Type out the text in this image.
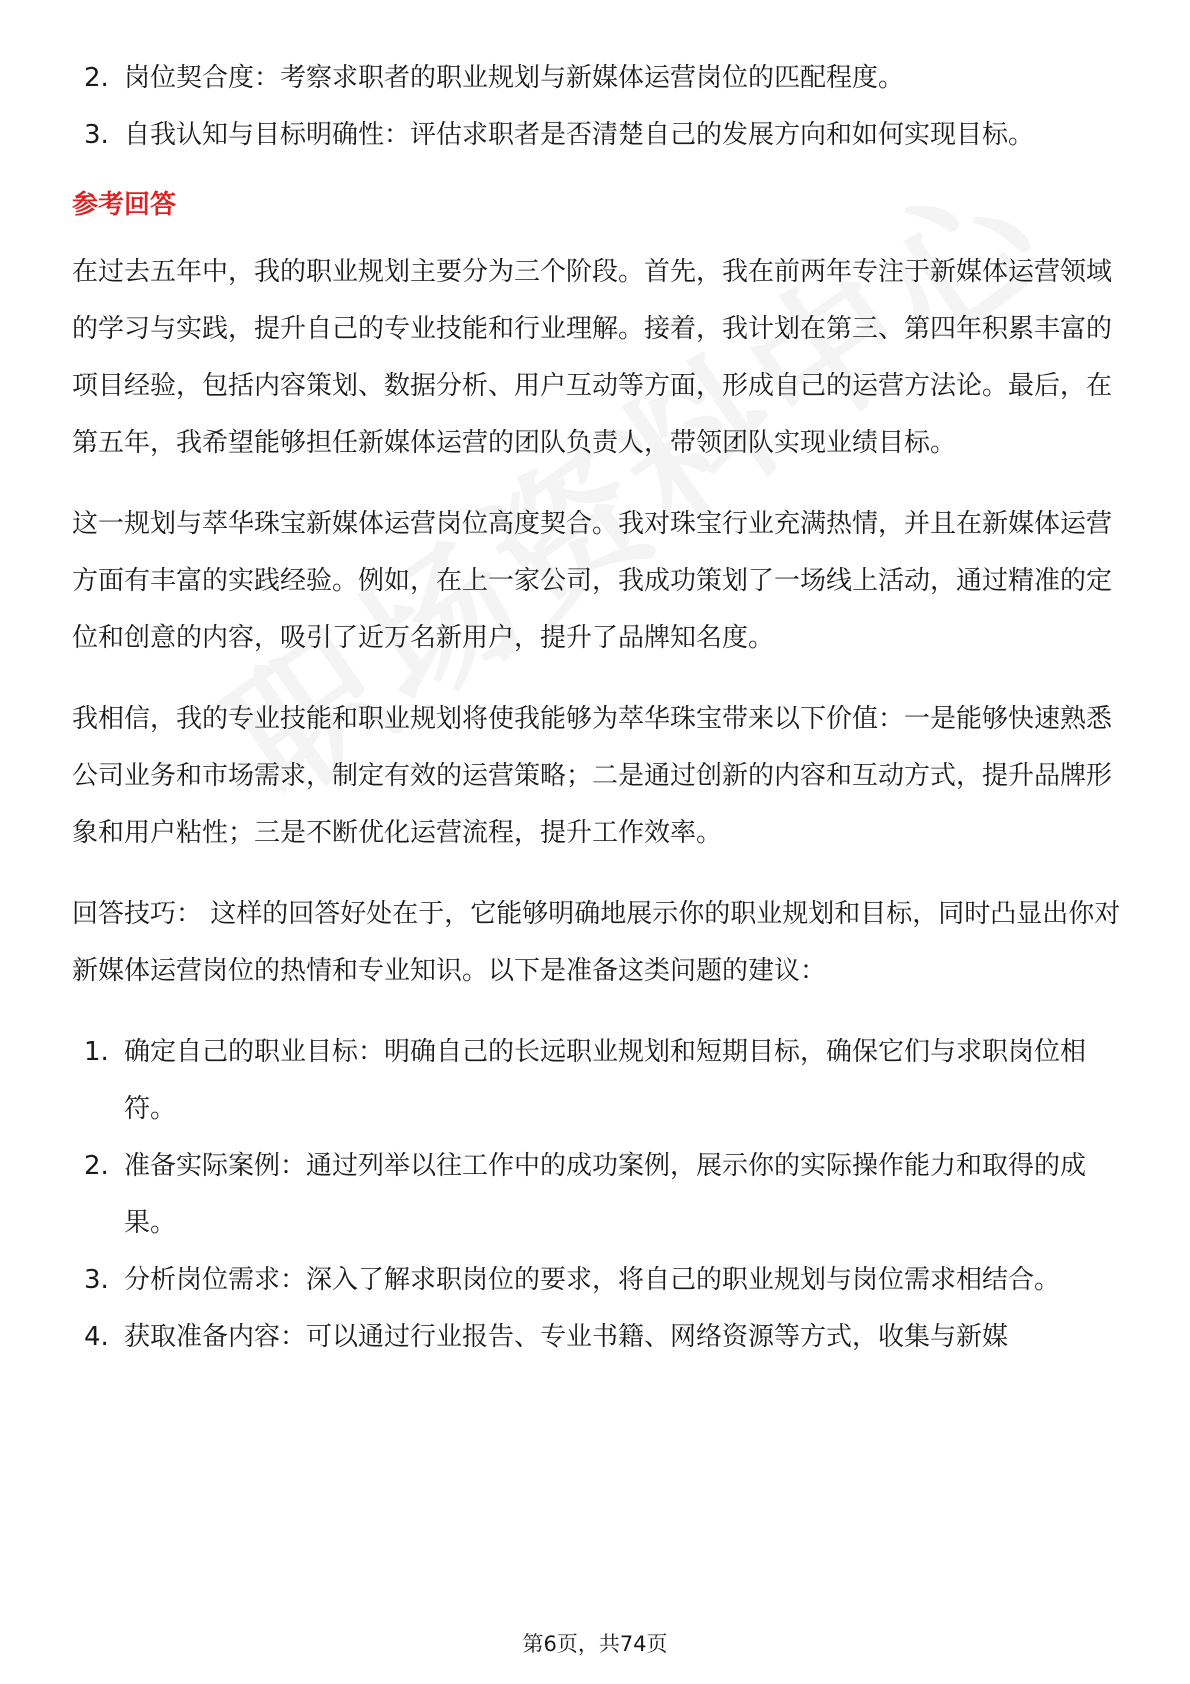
2. 岗位契合度：考察求职者的职业规划与新媒体运营岗位的匹配程度。
3. 自我认知与目标明确性：评估求职者是否清楚自己的发展方向和如何实现目标。
参考回答

在过去五年中，我的职业规划主要分为三个阶段。首先，我在前两年专注于新媒体运营领域的学习与实践，提升自己的专业技能和行业理解。接着，我计划在第三、第四年积累丰富的项目经验，包括内容策划、数据分析、用户互动等方面，形成自己的运营方法论。最后，在第五年，我希望能够担任新媒体运营的团队负责人，带领团队实现业绩目标。

这一规划与萃华珠宝新媒体运营岗位高度契合。我对珠宝行业充满热情，并且在新媒体运营方面有丰富的实践经验。例如，在上一家公司，我成功策划了一场线上活动，通过精准的定位和创意的内容，吸引了近万名新用户，提升了品牌知名度。

我相信，我的专业技能和职业规划将使我能够为萃华珠宝带来以下价值：一是能够快速熟悉公司业务和市场需求，制定有效的运营策略；二是通过创新的内容和互动方式，提升品牌形象和用户粘性；三是不断优化运营流程，提升工作效率。

回答技巧： 这样的回答好处在于，它能够明确地展示你的职业规划和目标，同时凸显出你对新媒体运营岗位的热情和专业知识。以下是准备这类问题的建议：

1. 确定自己的职业目标：明确自己的长远职业规划和短期目标，确保它们与求职岗位相符。
2. 准备实际案例：通过列举以往工作中的成功案例，展示你的实际操作能力和取得的成果。
3. 分析岗位需求：深入了解求职岗位的要求，将自己的职业规划与岗位需求相结合。
4. 获取准备内容：可以通过行业报告、专业书籍、网络资源等方式，收集与新媒
第6页，共74页
